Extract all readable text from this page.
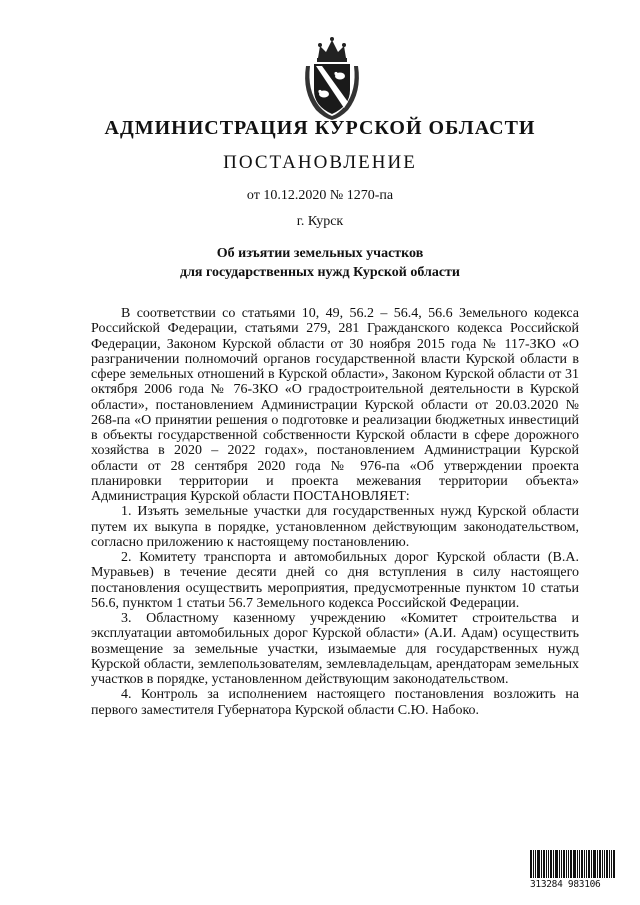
АДМИНИСТРАЦИЯ КУРСКОЙ ОБЛАСТИ
ПОСТАНОВЛЕНИЕ
от 10.12.2020 № 1270-па
г. Курск
Об изъятии земельных участков
для государственных нужд Курской области

В соответствии со статьями 10, 49, 56.2 – 56.4, 56.6 Земельного кодекса Российской Федерации, статьями 279, 281 Гражданского кодекса Российской Федерации, Законом Курской области от 30 ноября 2015 года № 117-ЗКО «О разграничении полномочий органов государственной власти Курской области в сфере земельных отношений в Курской области», Законом Курской области от 31 октября 2006 года № 76-ЗКО «О градостроительной деятельности в Курской области», постановлением Администрации Курской области от 20.03.2020 № 268-па «О принятии решения о подготовке и реализации бюджетных инвестиций в объекты государственной собственности Курской области в сфере дорожного хозяйства в 2020 – 2022 годах», постановлением Администрации Курской области от 28 сентября 2020 года № 976-па «Об утверждении проекта планировки территории и проекта межевания территории объекта» Администрация Курской области ПОСТАНОВЛЯЕТ:

1. Изъять земельные участки для государственных нужд Курской области путем их выкупа в порядке, установленном действующим законодательством, согласно приложению к настоящему постановлению.

2. Комитету транспорта и автомобильных дорог Курской области (В.А. Муравьев) в течение десяти дней со дня вступления в силу настоящего постановления осуществить мероприятия, предусмотренные пунктом 10 статьи 56.6, пунктом 1 статьи 56.7 Земельного кодекса Российской Федерации.

3. Областному казенному учреждению «Комитет строительства и эксплуатации автомобильных дорог Курской области» (А.И. Адам) осуществить возмещение за земельные участки, изымаемые для государственных нужд Курской области, землепользователям, землевладельцам, арендаторам земельных участков в порядке, установленном действующим законодательством.

4. Контроль за исполнением настоящего постановления возложить на первого заместителя Губернатора Курской области С.Ю. Набоко.

313284 983106
